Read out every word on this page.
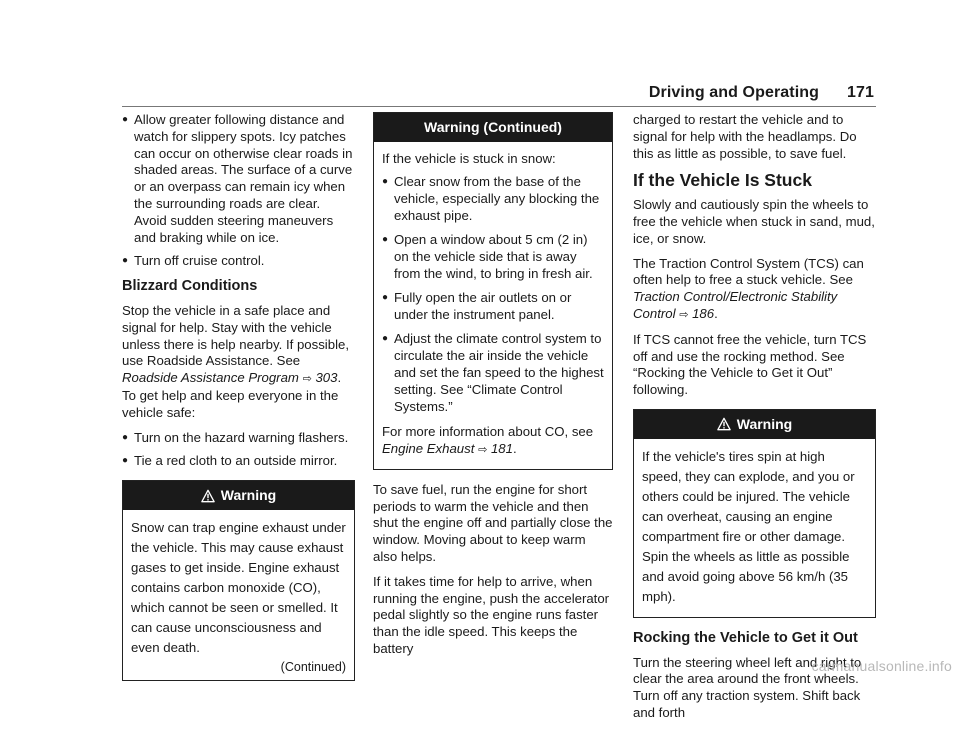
Driving and Operating 171
● Allow greater following distance and watch for slippery spots. Icy patches can occur on otherwise clear roads in shaded areas. The surface of a curve or an overpass can remain icy when the surrounding roads are clear. Avoid sudden steering maneuvers and braking while on ice.
● Turn off cruise control.
Blizzard Conditions

Stop the vehicle in a safe place and signal for help. Stay with the vehicle unless there is help nearby. If possible, use Roadside Assistance. See Roadside Assistance Program ⇨ 303. To get help and keep everyone in the vehicle safe:

● Turn on the hazard warning flashers.
● Tie a red cloth to an outside mirror.
Warning

Snow can trap engine exhaust under the vehicle. This may cause exhaust gases to get inside. Engine exhaust contains carbon monoxide (CO), which cannot be seen or smelled. It can cause unconsciousness and even death.

(Continued)
Warning (Continued)

If the vehicle is stuck in snow:

● Clear snow from the base of the vehicle, especially any blocking the exhaust pipe.
● Open a window about 5 cm (2 in) on the vehicle side that is away from the wind, to bring in fresh air.
● Fully open the air outlets on or under the instrument panel.
● Adjust the climate control system to circulate the air inside the vehicle and set the fan speed to the highest setting. See “Climate Control Systems.”

For more information about CO, see
Engine Exhaust ⇨ 181.

To save fuel, run the engine for short periods to warm the vehicle and then shut the engine off and partially close the window. Moving about to keep warm also helps.

If it takes time for help to arrive, when running the engine, push the accelerator pedal slightly so the engine runs faster than the idle speed. This keeps the battery

charged to restart the vehicle and to signal for help with the headlamps. Do this as little as possible, to save fuel.

If the Vehicle Is Stuck

Slowly and cautiously spin the wheels to free the vehicle when stuck in sand, mud, ice, or snow.

The Traction Control System (TCS) can often help to free a stuck vehicle. See Traction Control/Electronic Stability Control ⇨ 186.

If TCS cannot free the vehicle, turn TCS off and use the rocking method. See “Rocking the Vehicle to Get it Out” following.

Warning

If the vehicle's tires spin at high speed, they can explode, and you or others could be injured. The vehicle can overheat, causing an engine compartment fire or other damage. Spin the wheels as little as possible and avoid going above 56 km/h (35 mph).

Rocking the Vehicle to Get it Out

Turn the steering wheel left and right to clear the area around the front wheels. Turn off any traction system. Shift back and forth

carmanualsonline.info
